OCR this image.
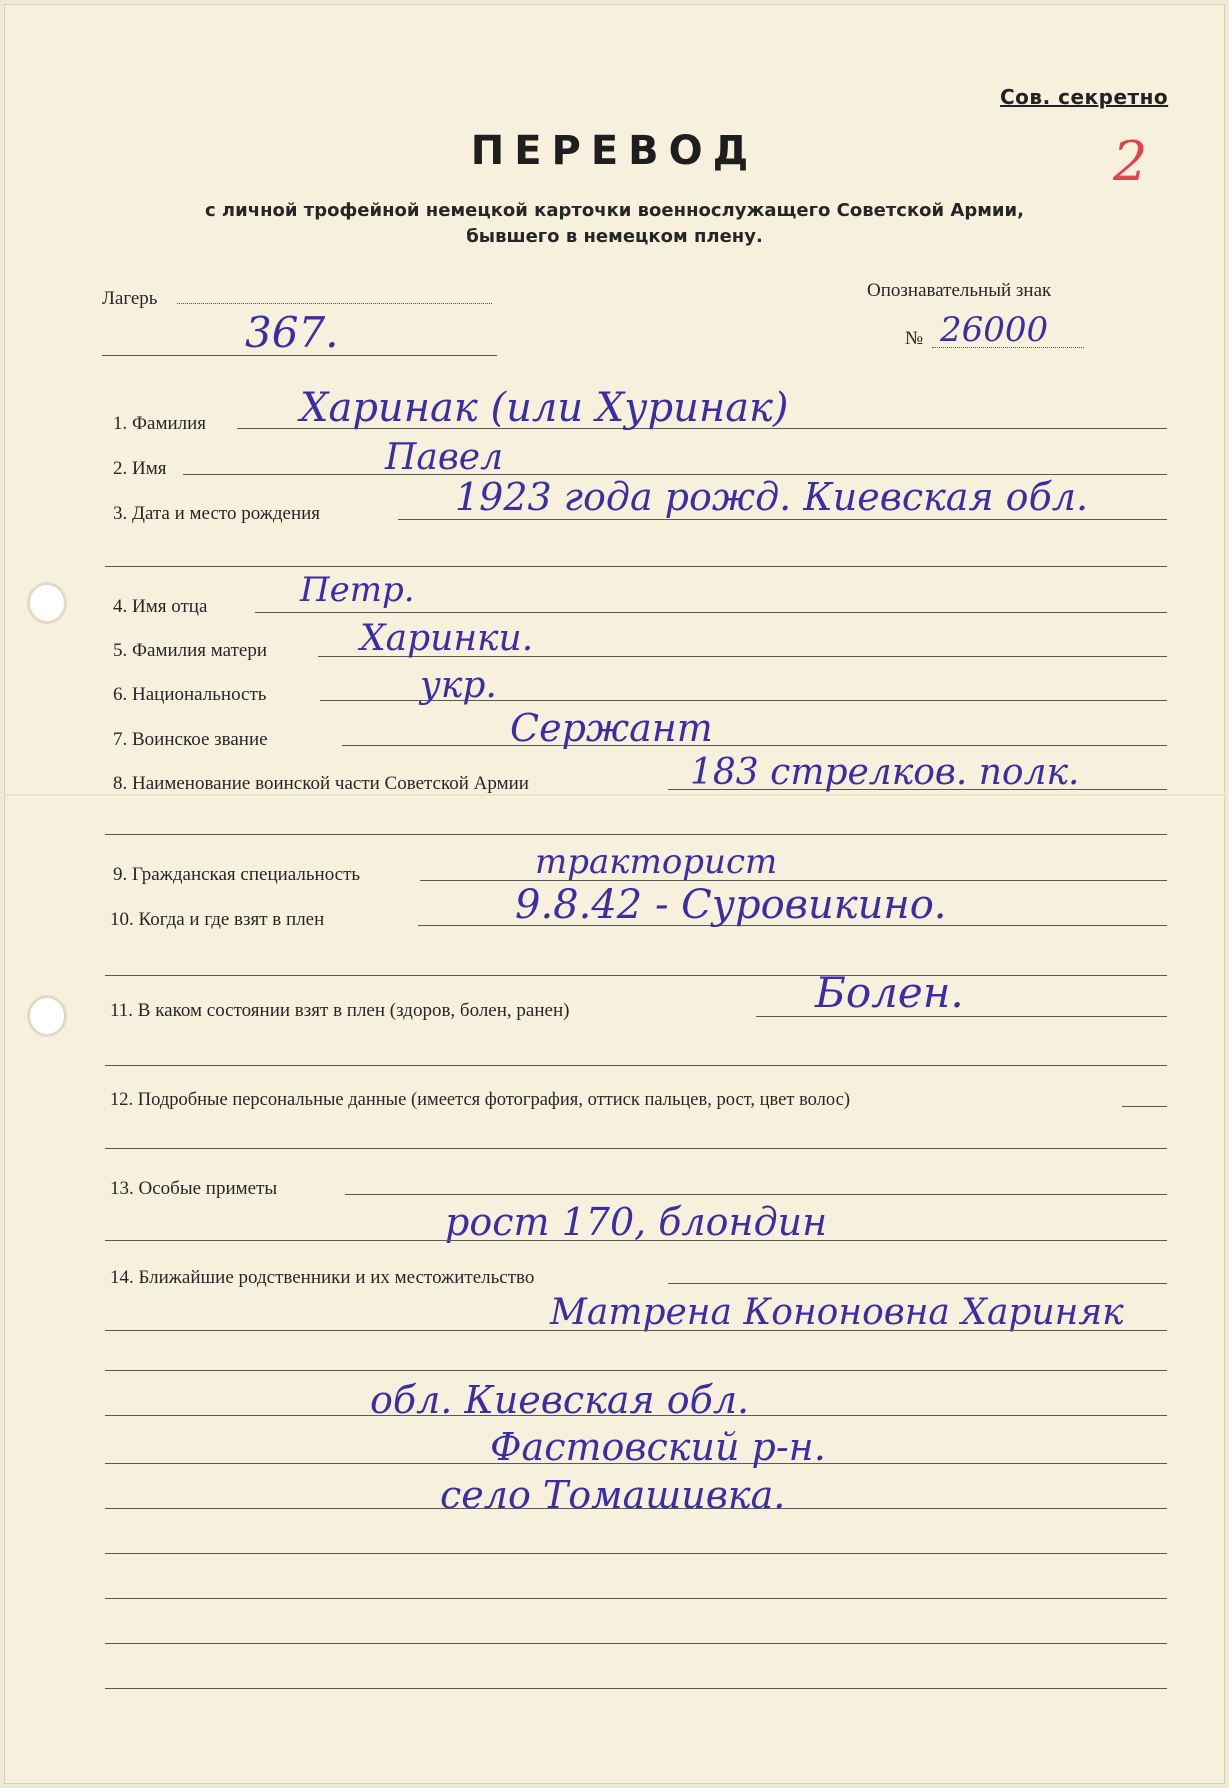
Сов. секретно
2
ПЕРЕВОД
с личной трофейной немецкой карточки военнослужащего Советской Армии,
бывшего в немецком плену.
Лагерь
367.
Опознавательный знак
№ 26000
1. Фамилия Харинак (или Хуринак)
2. Имя	Павел
3. Дата и место рождения	1923 года рожд. Киевская обл.
4. Имя отца	Петр.
5. Фамилия матери	Харинки.
6. Национальность	укр.
7. Воинское звание	Сержант
8. Наименование воинской части Советской Армии	183 стрелков. полк.
9. Гражданская специальность	тракторист
10. Когда и где взят в плен	9.8.42 - Суровикино.
11. В каком состоянии взят в плен (здоров, болен, ранен)	Болен.
12. Подробные персональные данные (имеется фотография, оттиск пальцев, рост, цвет волос)
13. Особые приметы
рост 170, блондин
14. Ближайшие родственники и их местожительство
Матрена Кононовна Хариняк
обл. Киевская обл.
Фастовский р-н.
село Томашивка.
